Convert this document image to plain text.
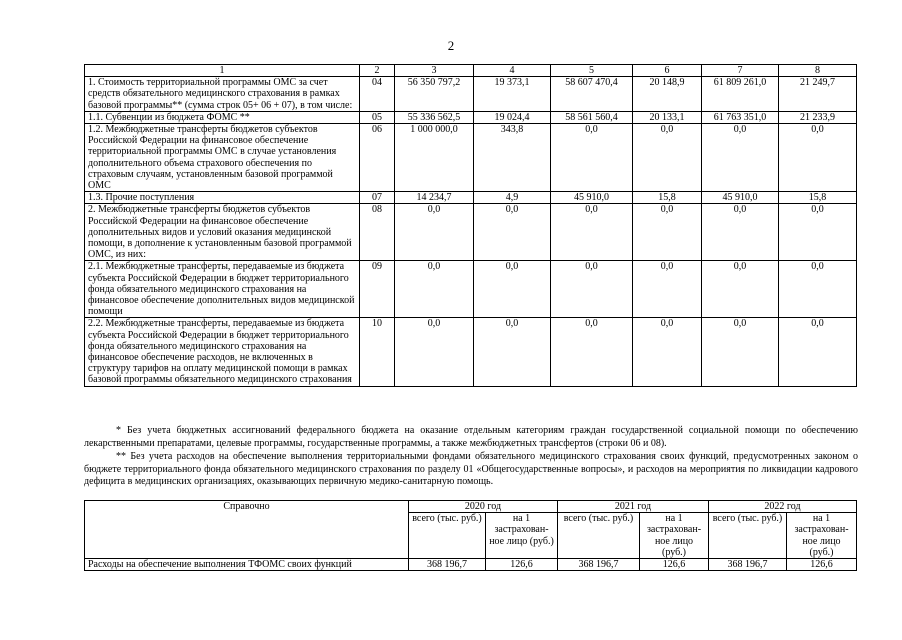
2
1	2	3	4	5	6	7	8
1. Стоимость территориальной программы ОМС за счет средств обязательного медицинского страхования в рамках базовой программы** (сумма строк 05+ 06 + 07), в том числе:	04	56 350 797,2	19 373,1	58 607 470,4	20 148,9	61 809 261,0	21 249,7
1.1. Субвенции из бюджета ФОМС **	05	55 336 562,5	19 024,4	58 561 560,4	20 133,1	61 763 351,0	21 233,9
1.2. Межбюджетные трансферты бюджетов субъектов Российской Федерации на финансовое обеспечение территориальной программы ОМС в случае установления дополнительного объема страхового обеспечения по страховым случаям, установленным базовой программой ОМС	06	1 000 000,0	343,8	0,0	0,0	0,0	0,0
1.3. Прочие поступления	07	14 234,7	4,9	45 910,0	15,8	45 910,0	15,8
2. Межбюджетные трансферты бюджетов субъектов Российской Федерации на финансовое обеспечение дополнительных видов и условий оказания медицинской помощи, в дополнение к установленным базовой программой ОМС, из них:	08	0,0	0,0	0,0	0,0	0,0	0,0
2.1. Межбюджетные трансферты, передаваемые из бюджета субъекта Российской Федерации в бюджет территориального фонда обязательного медицинского страхования на финансовое обеспечение дополнительных видов медицинской помощи	09	0,0	0,0	0,0	0,0	0,0	0,0
2.2. Межбюджетные трансферты, передаваемые из бюджета субъекта Российской Федерации в бюджет территориального фонда обязательного медицинского страхования на финансовое обеспечение расходов, не включенных в структуру тарифов на оплату медицинской помощи в рамках базовой программы обязательного медицинского страхования	10	0,0	0,0	0,0	0,0	0,0	0,0
* Без учета бюджетных ассигнований федерального бюджета на оказание отдельным категориям граждан государственной социальной помощи по обеспечению лекарственными препаратами, целевые программы, государственные программы, а также межбюджетных трансфертов (строки 06 и 08).
** Без учета расходов на обеспечение выполнения территориальными фондами обязательного медицинского страхования своих функций, предусмотренных законом о бюджете территориального фонда обязательного медицинского страхования по разделу 01 «Общегосударственные вопросы», и расходов на мероприятия по ликвидации кадрового дефицита в медицинских организациях, оказывающих первичную медико-санитарную помощь.
Справочно	2020 год		2021 год		2022 год	
	всего (тыс. руб.)	на 1 застрахован-ное лицо (руб.)	всего (тыс. руб.)	на 1 застрахован-ное лицо (руб.)	всего (тыс. руб.)	на 1 застрахован-ное лицо (руб.)
Расходы на обеспечение выполнения ТФОМС своих функций	368 196,7	126,6	368 196,7	126,6	368 196,7	126,6
